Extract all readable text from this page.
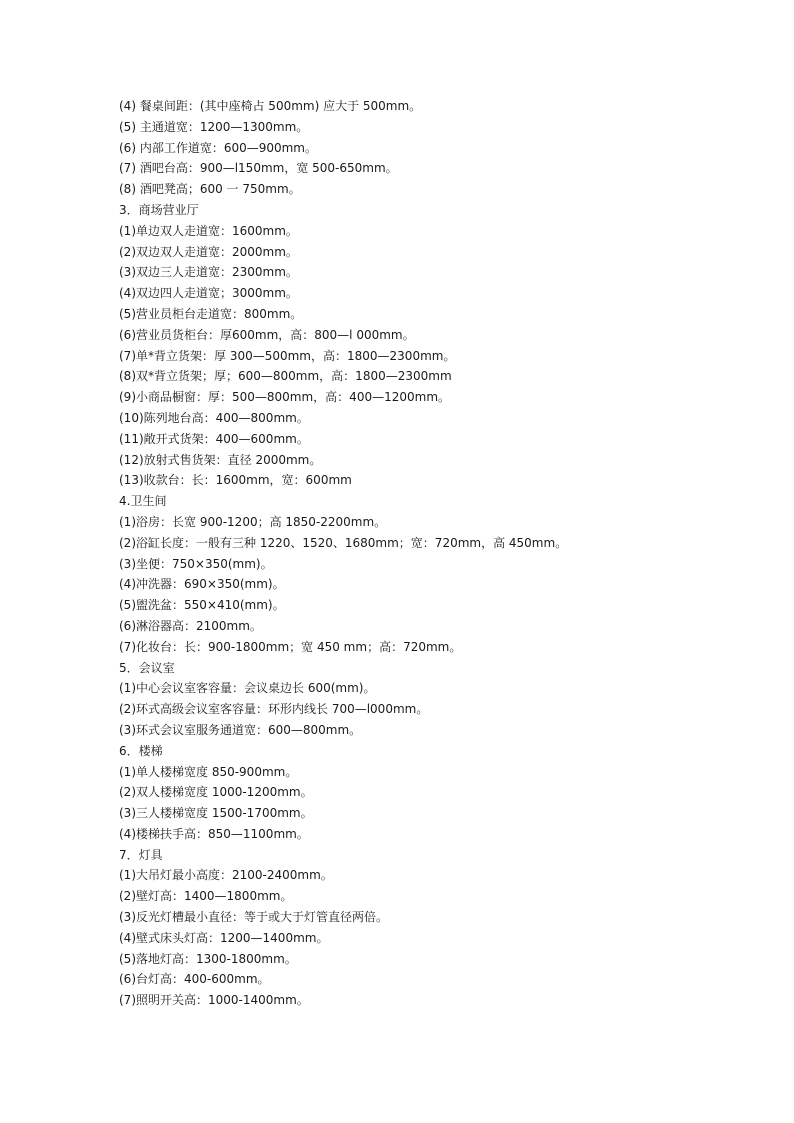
(4) 餐桌间距：(其中座椅占 500mm) 应大于 500mm。
(5) 主通道宽：1200—1300mm。
(6) 内部工作道宽：600—900mm。
(7) 酒吧台高：900—l150mm，宽 500-650mm。
(8) 酒吧凳高；600 一 750mm。
3．商场营业厅
(1)单边双人走道宽：1600mm。
(2)双边双人走道宽：2000mm。
(3)双边三人走道宽：2300mm。
(4)双边四人走道宽；3000mm。
(5)营业员柜台走道宽：800mm。
(6)营业员货柜台：厚600mm，高：800—l 000mm。
(7)单*背立货架：厚 300—500mm，高：1800—2300mm。
(8)双*背立货架；厚；600—800mm，高：1800—2300mm
(9)小商品橱窗：厚：500—800mm，高：400—1200mm。
(10)陈列地台高：400—800mm。
(11)敞开式货架：400—600mm。
(12)放射式售货架：直径 2000mm。
(13)收款台：长：1600mm，宽：600mm
4.卫生间
(1)浴房：长宽 900-1200；高 1850-2200mm。
(2)浴缸长度：一般有三种 1220、1520、1680mm；宽：720mm，高 450mm。
(3)坐便：750×350(mm)。
(4)冲洗器：690×350(mm)。
(5)盥洗盆：550×410(mm)。
(6)淋浴器高：2100mm。
(7)化妆台：长：900-1800mm；宽 450 mm；高：720mm。
5．会议室
(1)中心会议室客容量：会议桌边长 600(mm)。
(2)环式高级会议室客容量：环形内线长 700—l000mm。
(3)环式会议室服务通道宽：600—800mm。
6．楼梯
(1)单人楼梯宽度 850-900mm。
(2)双人楼梯宽度 1000-1200mm。
(3)三人楼梯宽度 1500-1700mm。
(4)楼梯扶手高：850—1100mm。
7．灯具
(1)大吊灯最小高度：2100-2400mm。
(2)壁灯高：1400—1800mm。
(3)反光灯槽最小直径：等于或大于灯管直径两倍。
(4)壁式床头灯高：1200—1400mm。
(5)落地灯高：1300-1800mm。
(6)台灯高：400-600mm。
(7)照明开关高：1000-1400mm。
